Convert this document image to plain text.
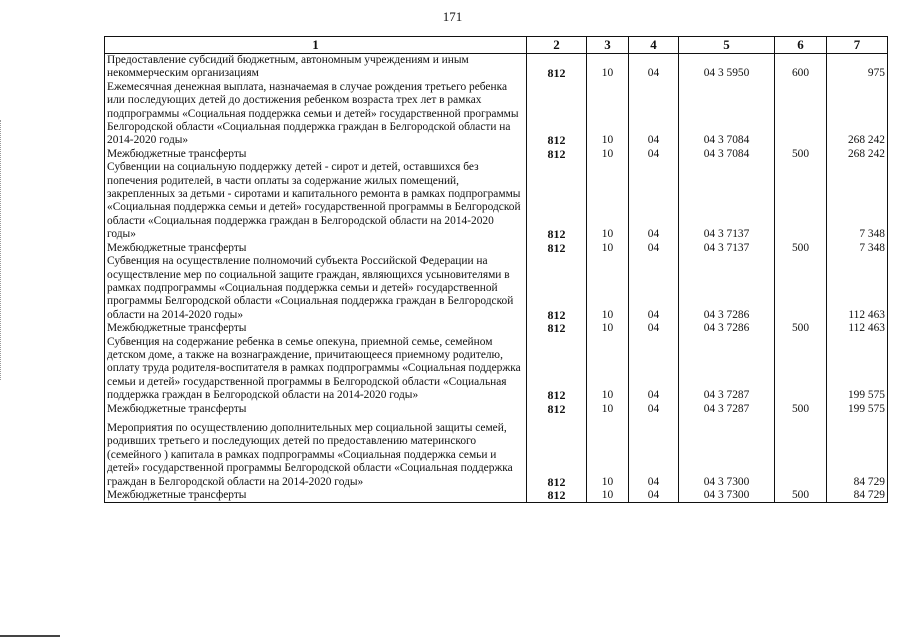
171
1	2	3	4	5	6	7
Предоставление субсидий бюджетным, автономным учреждениям и иным некоммерческим организациям	812	10	04	04 3 5950	600	975
Ежемесячная денежная выплата, назначаемая в случае рождения третьего ребенка или последующих детей до достижения ребенком возраста трех лет в рамках подпрограммы «Социальная поддержка семьи и детей» государственной программы Белгородской области «Социальная поддержка граждан в Белгородской области на 2014-2020 годы»	812	10	04	04 3 7084		268 242
Межбюджетные трансферты	812	10	04	04 3 7084	500	268 242
Субвенции на социальную поддержку детей - сирот и детей, оставшихся без попечения родителей, в части оплаты за содержание жилых помещений, закрепленных за детьми - сиротами и капитального ремонта в рамках подпрограммы «Социальная поддержка семьи и детей» государственной программы в Белгородской области «Социальная поддержка граждан в Белгородской области на 2014-2020 годы»	812	10	04	04 3 7137		7 348
Межбюджетные трансферты	812	10	04	04 3 7137	500	7 348
Субвенция на осуществление полномочий субъекта Российской Федерации на осуществление мер по социальной защите граждан, являющихся усыновителями в рамках подпрограммы «Социальная поддержка семьи и детей» государственной программы Белгородской области «Социальная поддержка граждан в Белгородской области на 2014-2020 годы»	812	10	04	04 3 7286		112 463
Межбюджетные трансферты	812	10	04	04 3 7286	500	112 463
Субвенция на содержание ребенка в семье опекуна, приемной семье, семейном детском доме, а также на вознаграждение, причитающееся приемному родителю, оплату труда родителя-воспитателя в рамках подпрограммы «Социальная поддержка семьи и детей» государственной программы в Белгородской области «Социальная поддержка граждан в Белгородской области на 2014-2020 годы»	812	10	04	04 3 7287		199 575
Межбюджетные трансферты	812	10	04	04 3 7287	500	199 575

Мероприятия по осуществлению дополнительных мер социальной защиты семей, родивших третьего и последующих детей по предоставлению материнского (семейного ) капитала в рамках подпрограммы «Социальная поддержка семьи и детей» государственной программы Белгородской области «Социальная поддержка граждан в Белгородской области на 2014-2020 годы»	812	10	04	04 3 7300		84 729
Межбюджетные трансферты	812	10	04	04 3 7300	500	84 729
